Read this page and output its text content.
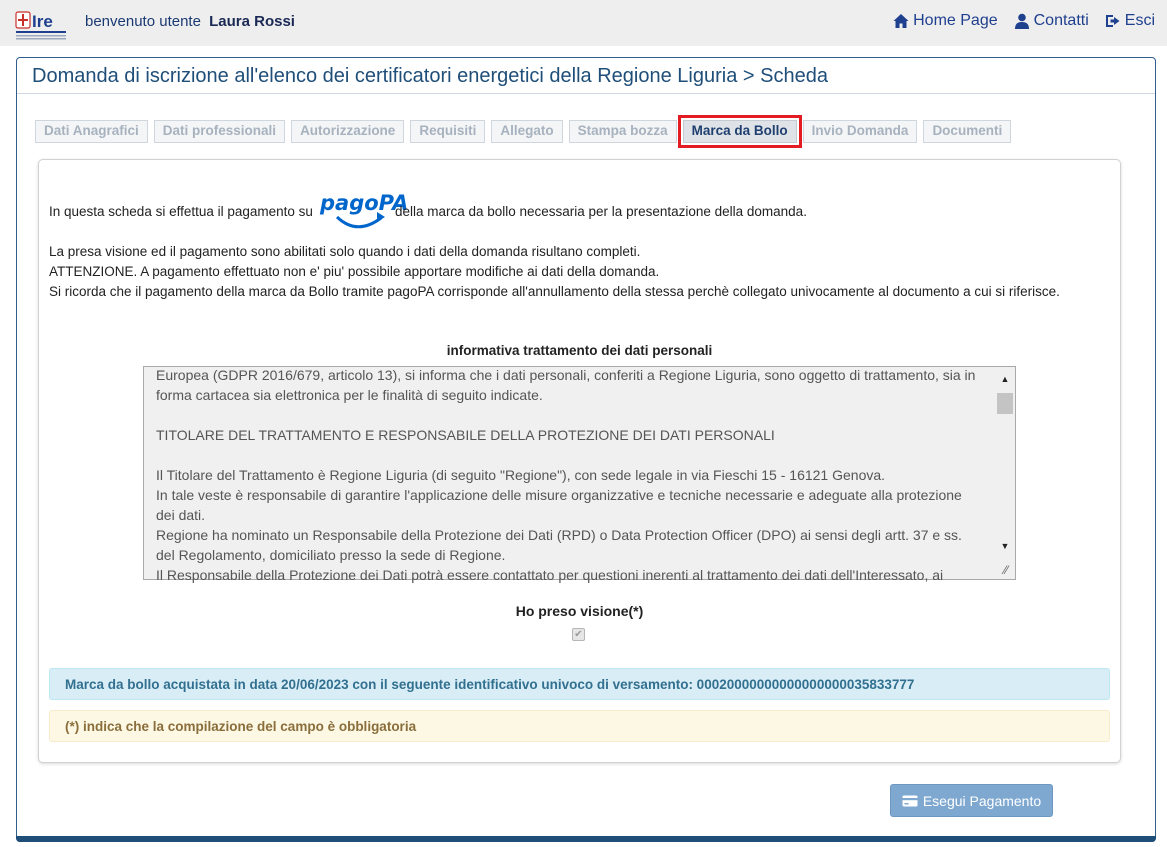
Ire benvenuto utente Laura Rossi	Home Page Contatti Esci
Domanda di iscrizione all'elenco dei certificatori energetici della Regione Liguria > Scheda
Dati Anagrafici	Dati professionali	Autorizzazione	Requisiti	Allegato	Stampa bozza	Marca da Bollo	Invio Domanda	Documenti
In questa scheda si effettua il pagamento su pagoPA
della marca da bollo necessaria per la presentazione della domanda.
La presa visione ed il pagamento sono abilitati solo quando i dati della domanda risultano completi.
ATTENZIONE. A pagamento effettuato non e' piu' possibile apportare modifiche ai dati della domanda.
Si ricorda che il pagamento della marca da Bollo tramite pagoPA corrisponde all'annullamento della stessa perchè collegato univocamente al documento a cui si riferisce.
informativa trattamento dei dati personali

Europea (GDPR 2016/679, articolo 13), si informa che i dati personali, conferiti a Regione Liguria, sono oggetto di trattamento, sia in

forma cartacea sia elettronica per le finalità di seguito indicate.

TITOLARE DEL TRATTAMENTO E RESPONSABILE DELLA PROTEZIONE DEI DATI PERSONALI

Il Titolare del Trattamento è Regione Liguria (di seguito "Regione"), con sede legale in via Fieschi 15 - 16121 Genova.

In tale veste è responsabile di garantire l'applicazione delle misure organizzative e tecniche necessarie e adeguate alla protezione

dei dati.

Regione ha nominato un Responsabile della Protezione dei Dati (RPD) o Data Protection Officer (DPO) ai sensi degli artt. 37 e ss.

del Regolamento, domiciliato presso la sede di Regione.

Il Responsabile della Protezione dei Dati potrà essere contattato per questioni inerenti al trattamento dei dati dell'Interessato, ai

▲
▼
⁄⁄
Ho preso visione(*)
✔
Marca da bollo acquistata in data 20/06/2023 con il seguente identificativo univoco di versamento: 00020000000000000000035833777
(*) indica che la compilazione del campo è obbligatoria
Esegui Pagamento
